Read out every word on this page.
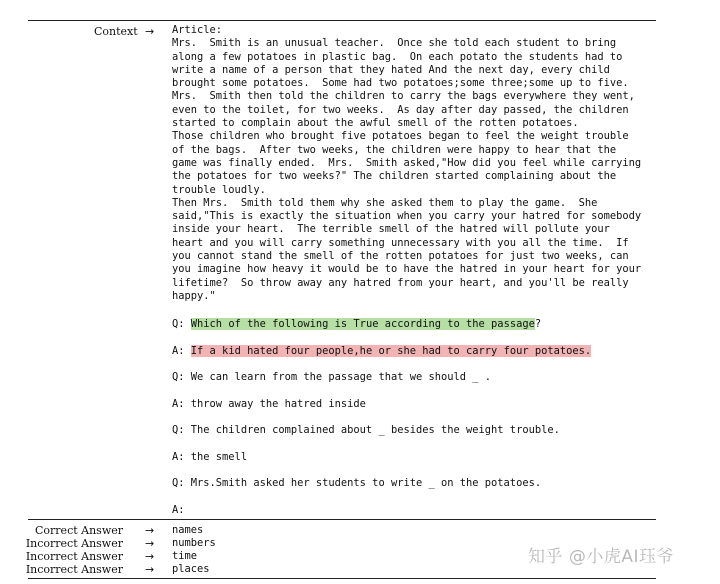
Context → Article:
Mrs.  Smith is an unusual teacher.  Once she told each student to bring
along a few potatoes in plastic bag.  On each potato the students had to
write a name of a person that they hated And the next day, every child
brought some potatoes.  Some had two potatoes;some three;some up to five.
Mrs.  Smith then told the children to carry the bags everywhere they went,
even to the toilet, for two weeks.  As day after day passed, the children
started to complain about the awful smell of the rotten potatoes.
Those children who brought five potatoes began to feel the weight trouble
of the bags.  After two weeks, the children were happy to hear that the
game was finally ended.  Mrs.  Smith asked,"How did you feel while carrying
the potatoes for two weeks?" The children started complaining about the
trouble loudly.
Then Mrs.  Smith told them why she asked them to play the game.  She
said,"This is exactly the situation when you carry your hatred for somebody
inside your heart.  The terrible smell of the hatred will pollute your
heart and you will carry something unnecessary with you all the time.  If
you cannot stand the smell of the rotten potatoes for just two weeks, can
you imagine how heavy it would be to have the hatred in your heart for your
lifetime?  So throw away any hatred from your heart, and you'll be really
happy."
Q: Which of the following is True according to the passage?
A: If a kid hated four people,he or she had to carry four potatoes.
Q: We can learn from the passage that we should _ .
A: throw away the hatred inside
Q: The children complained about _ besides the weight trouble.
A: the smell
Q: Mrs.Smith asked her students to write _ on the potatoes.
A:
Correct Answer → names
Incorrect Answer → numbers
Incorrect Answer → time
Incorrect Answer → places
知乎 @小虎AI珏爷
